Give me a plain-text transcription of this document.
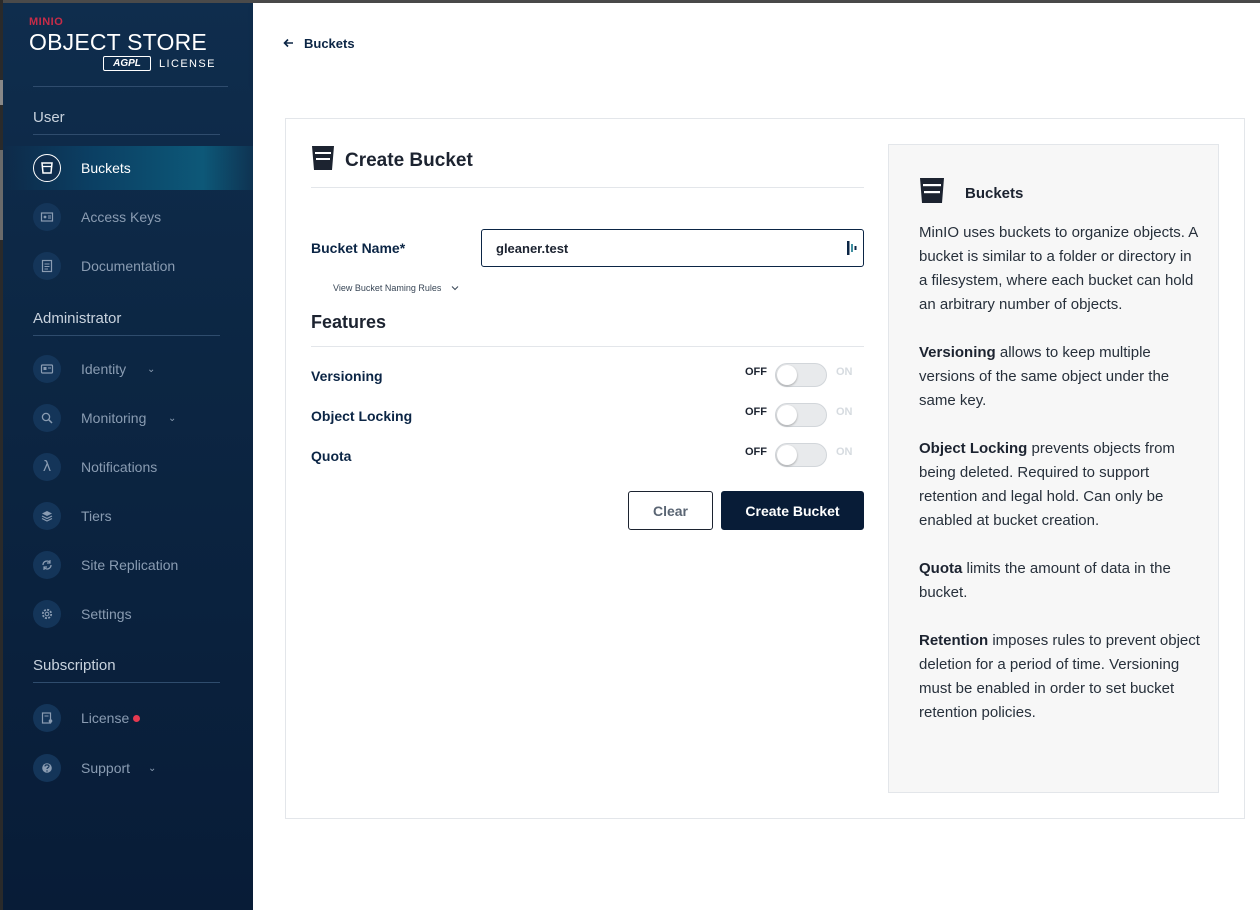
MINIO
OBJECT STORE
AGPL	LICENSE
User
Buckets
Access Keys
Documentation
Administrator
Identity ⌄
Monitoring ⌄
λ	Notifications
Tiers
Site Replication
Settings
Subscription
License
Support ⌄
Buckets
Create Bucket
Bucket Name*
gleaner.test
View Bucket Naming Rules
Features
Versioning	OFF	ON
Object Locking	OFF	ON
Quota	OFF	ON
Clear	Create Bucket
Buckets

MinIO uses buckets to organize objects. A bucket is similar to a folder or directory in a filesystem, where each bucket can hold an arbitrary number of objects.

Versioning allows to keep multiple versions of the same object under the same key.

Object Locking prevents objects from being deleted. Required to support retention and legal hold. Can only be enabled at bucket creation.

Quota limits the amount of data in the bucket.

Retention imposes rules to prevent object deletion for a period of time. Versioning must be enabled in order to set bucket retention policies.
